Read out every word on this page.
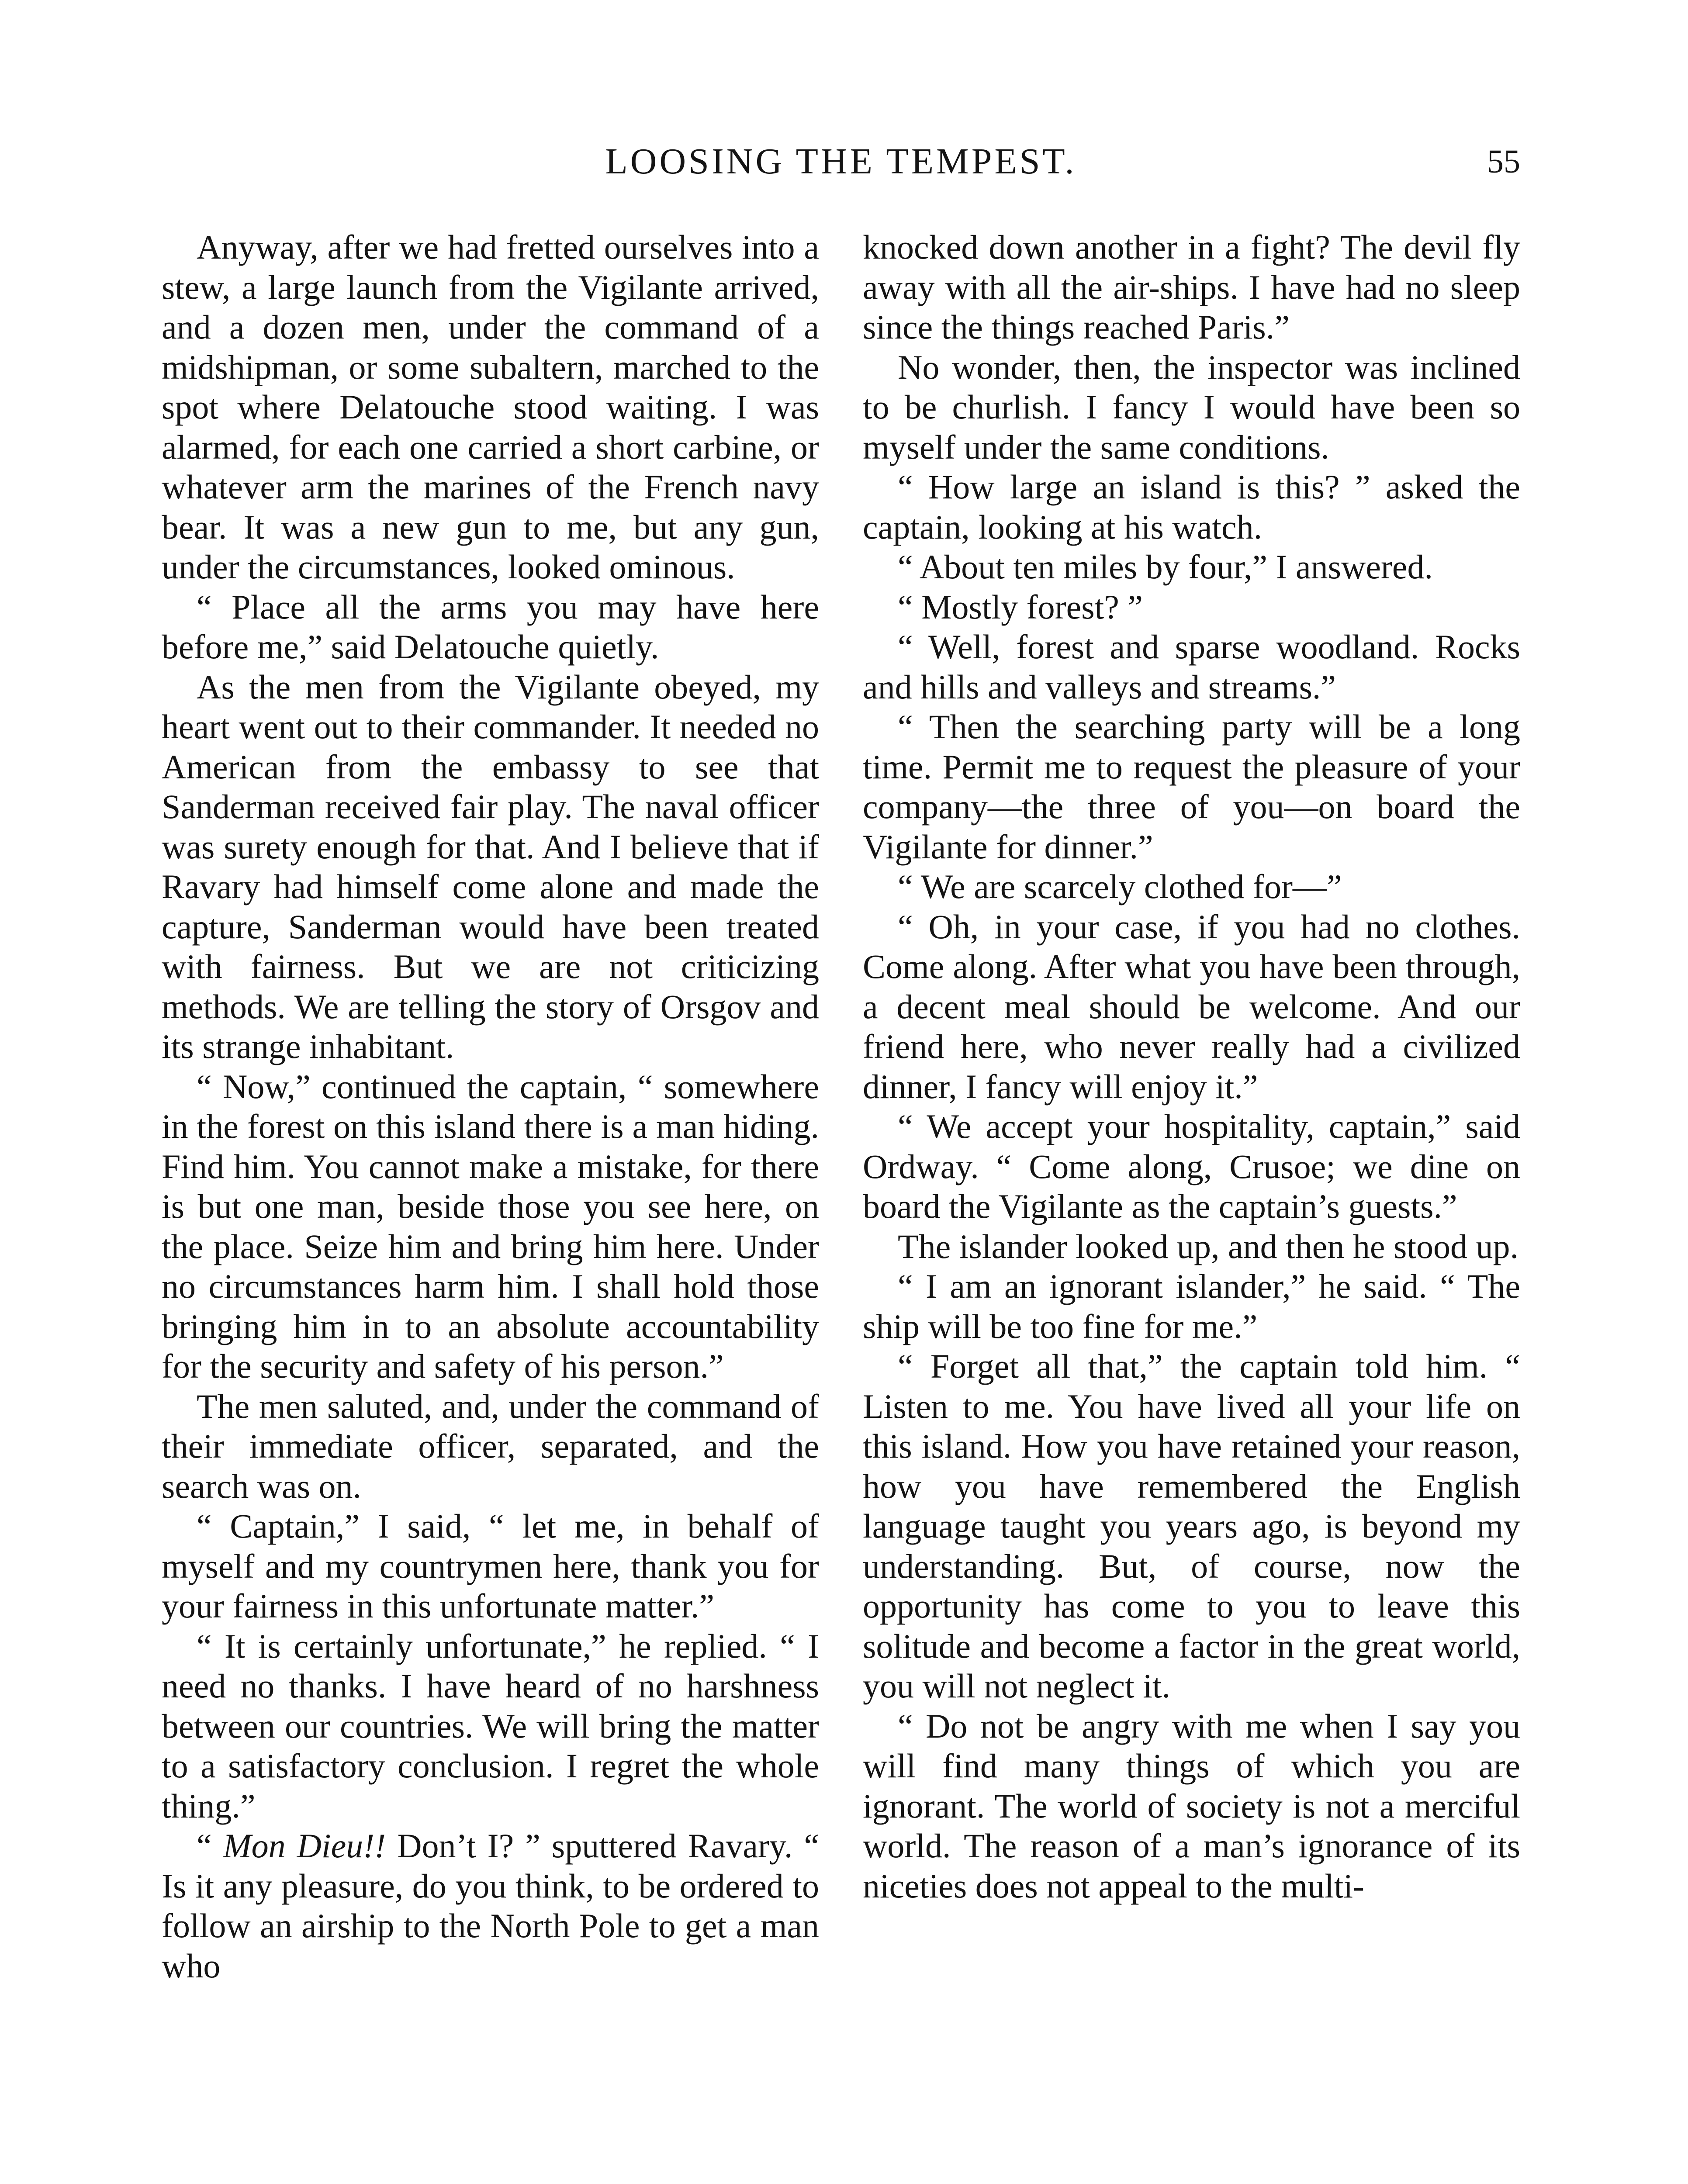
LOOSING THE TEMPEST.	55

Anyway, after we had fretted ourselves into a stew, a large launch from the Vigilante arrived, and a dozen men, under the command of a midshipman, or some subaltern, marched to the spot where Delatouche stood waiting. I was alarmed, for each one carried a short carbine, or whatever arm the marines of the French navy bear. It was a new gun to me, but any gun, under the circumstances, looked ominous.

“ Place all the arms you may have here before me,” said Delatouche quietly.

As the men from the Vigilante obeyed, my heart went out to their commander. It needed no American from the embassy to see that Sanderman received fair play. The naval officer was surety enough for that. And I believe that if Ravary had himself come alone and made the capture, Sanderman would have been treated with fairness. But we are not criticizing methods. We are telling the story of Orsgov and its strange inhabitant.

“ Now,” continued the captain, “ somewhere in the forest on this island there is a man hiding. Find him. You cannot make a mistake, for there is but one man, beside those you see here, on the place. Seize him and bring him here. Under no circumstances harm him. I shall hold those bringing him in to an absolute accountability for the security and safety of his person.”

The men saluted, and, under the command of their immediate officer, separated, and the search was on.

“ Captain,” I said, “ let me, in behalf of myself and my countrymen here, thank you for your fairness in this unfortunate matter.”

“ It is certainly unfortunate,” he replied. “ I need no thanks. I have heard of no harshness between our countries. We will bring the matter to a satisfactory conclusion. I regret the whole thing.”

“ Mon Dieu!! Don’t I? ” sputtered Ravary. “ Is it any pleasure, do you think, to be ordered to follow an airship to the North Pole to get a man who

knocked down another in a fight? The devil fly away with all the air-ships. I have had no sleep since the things reached Paris.”

No wonder, then, the inspector was inclined to be churlish. I fancy I would have been so myself under the same conditions.

“ How large an island is this? ” asked the captain, looking at his watch.

“ About ten miles by four,” I answered.

“ Mostly forest? ”

“ Well, forest and sparse woodland. Rocks and hills and valleys and streams.”

“ Then the searching party will be a long time. Permit me to request the pleasure of your company—the three of you—on board the Vigilante for dinner.”

“ We are scarcely clothed for—”

“ Oh, in your case, if you had no clothes. Come along. After what you have been through, a decent meal should be welcome. And our friend here, who never really had a civilized dinner, I fancy will enjoy it.”

“ We accept your hospitality, captain,” said Ordway. “ Come along, Crusoe; we dine on board the Vigilante as the captain’s guests.”

The islander looked up, and then he stood up.

“ I am an ignorant islander,” he said. “ The ship will be too fine for me.”

“ Forget all that,” the captain told him. “ Listen to me. You have lived all your life on this island. How you have retained your reason, how you have remembered the English language taught you years ago, is beyond my understanding. But, of course, now the opportunity has come to you to leave this solitude and become a factor in the great world, you will not neglect it.

“ Do not be angry with me when I say you will find many things of which you are ignorant. The world of society is not a merciful world. The reason of a man’s ignorance of its niceties does not appeal to the multi-
